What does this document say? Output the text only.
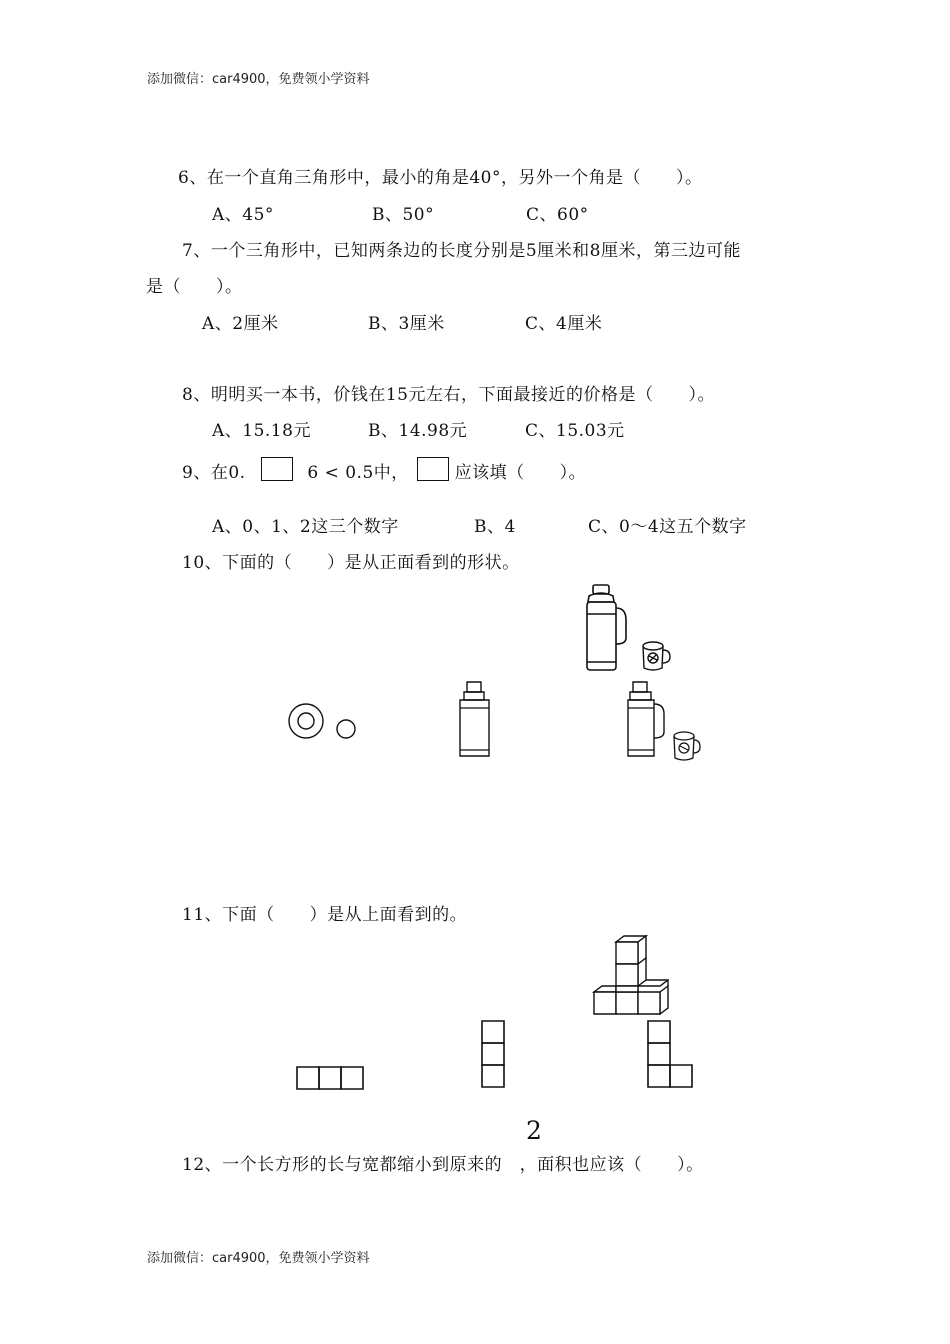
添加微信：car4900，免费领小学资料
添加微信：car4900，免费领小学资料
6、在一个直角三角形中，最小的角是40°，另外一个角是（　　）。
A、45°	B、50°	C、60°
7、一个三角形中，已知两条边的长度分别是5厘米和8厘米，第三边可能
是（　　）。
A、2厘米	B、3厘米	C、4厘米
8、明明买一本书，价钱在15元左右，下面最接近的价格是（　　）。
A、15.18元	B、14.98元	C、15.03元
9、在0.	6 < 0.5中，	应该填（　　）。
A、0、1、2这三个数字	B、4	C、0～4这五个数字
10、下面的（　　）是从正面看到的形状。
11、下面（　　）是从上面看到的。
2
12、一个长方形的长与宽都缩小到原来的　，面积也应该（　　）。
